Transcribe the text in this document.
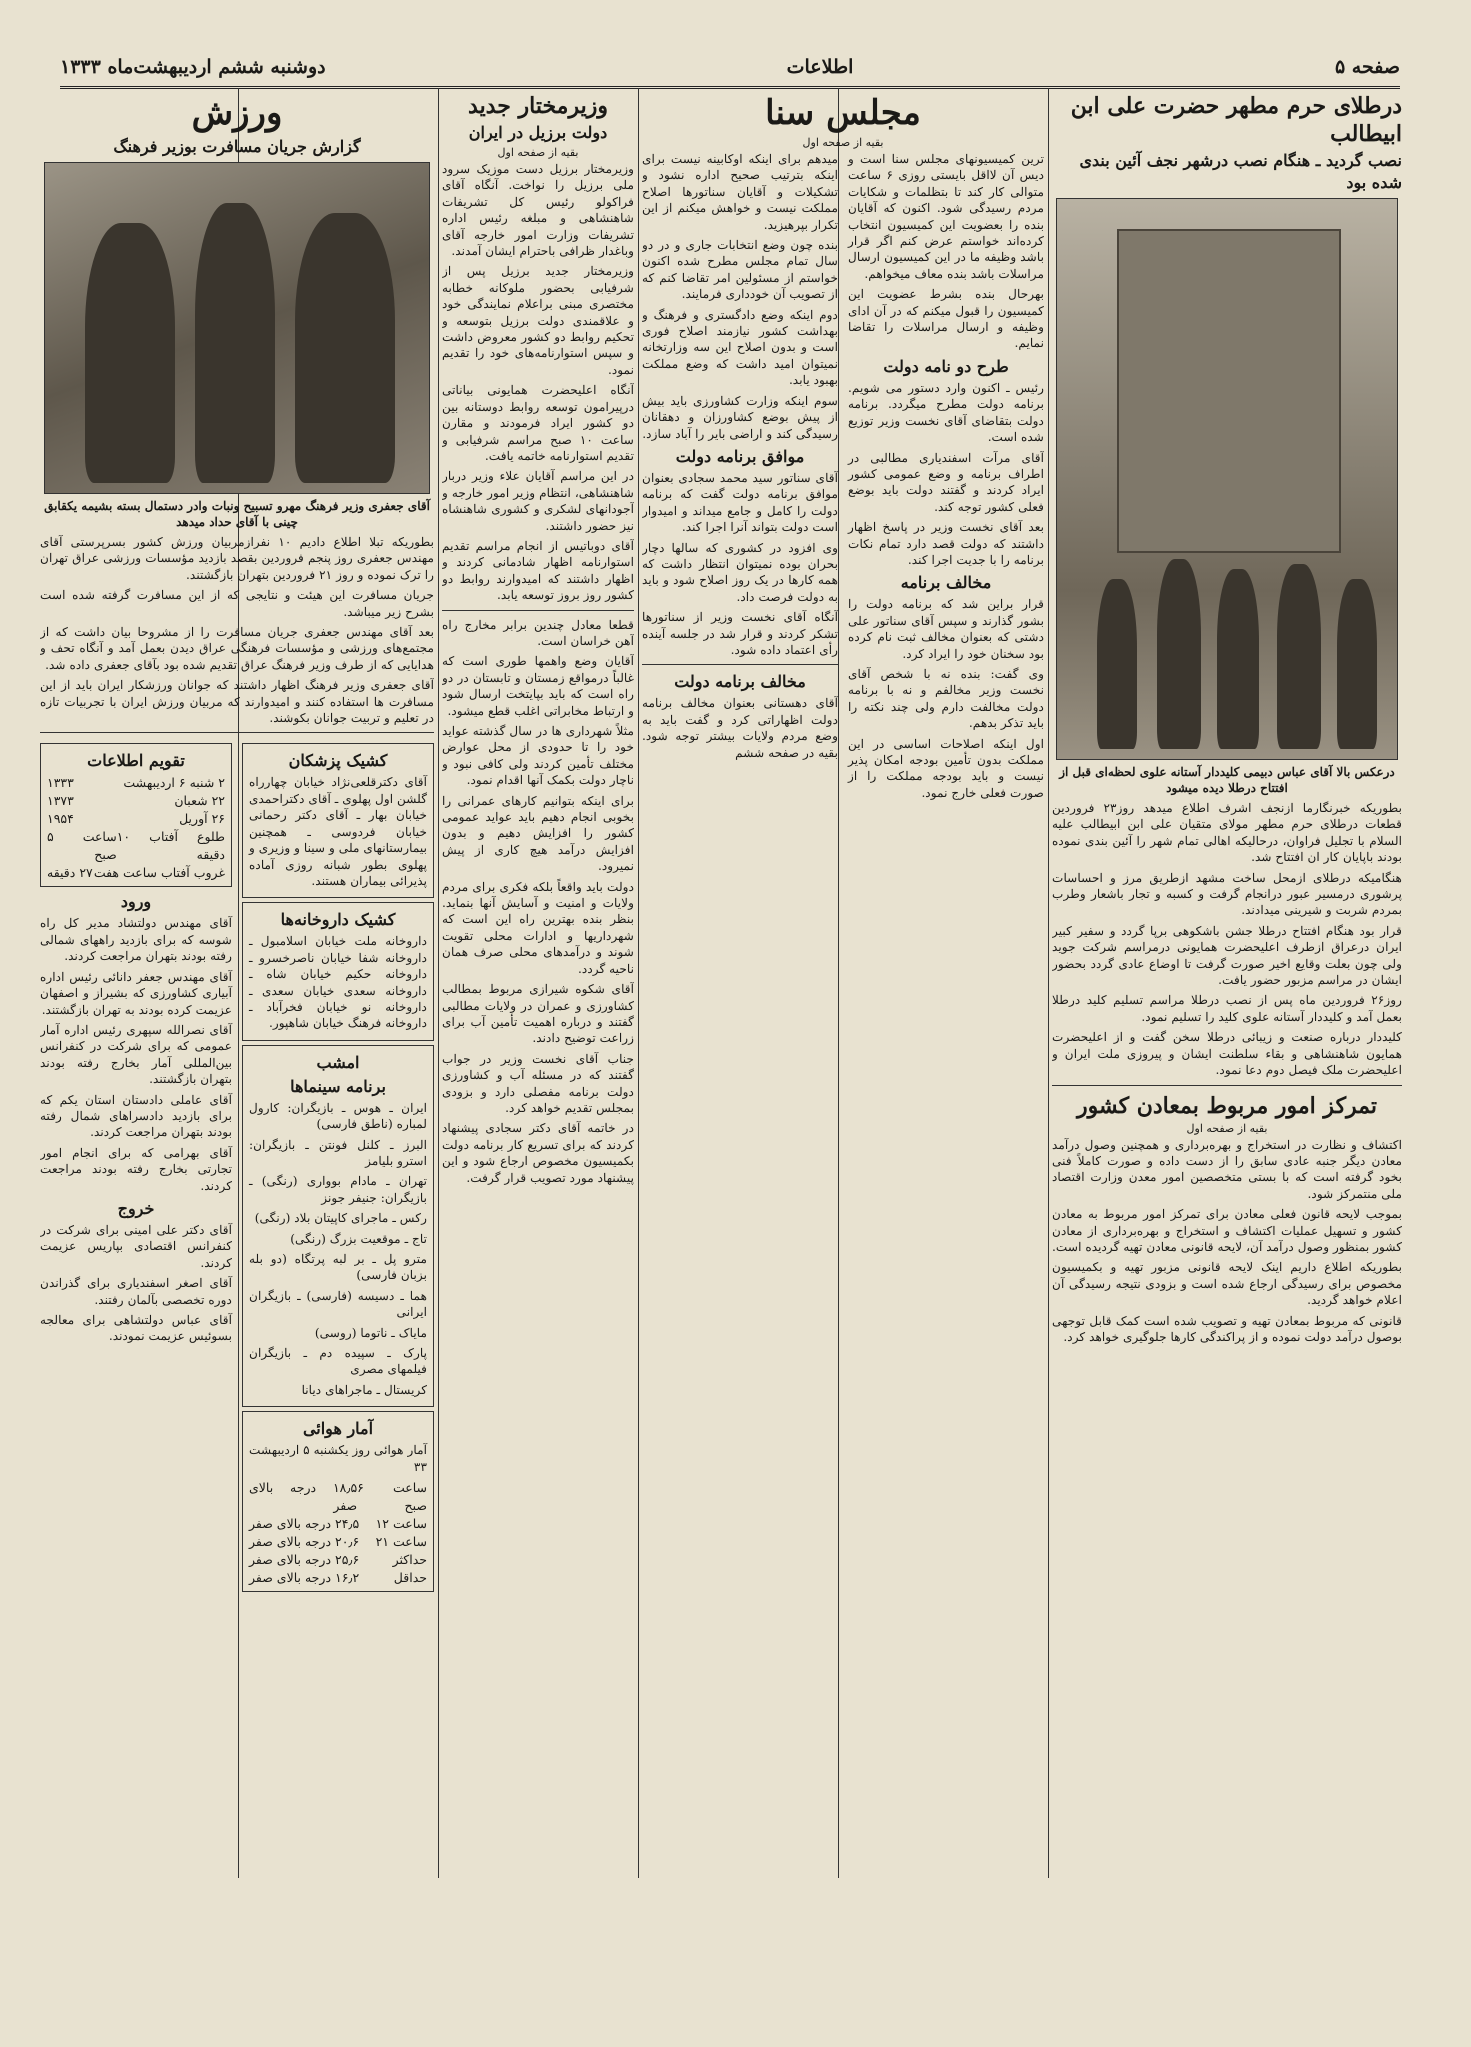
دوشنبه ششم اردیبهشت‌ماه ۱۳۳۳	اطلاعات	صفحه ۵
درطلای حرم مطهر حضرت علی ابن ابیطالب
نصب گردید ـ هنگام نصب درشهر نجف آئین بندی شده بود
درعکس بالا آقای عباس دبیمی کلیددار آستانه علوی لحظه‌ای قبل از افتتاح درطلا دیده میشود

بطوریکه خبرنگارما ازنجف اشرف اطلاع میدهد روز۲۳ فروردین قطعات درطلای حرم مطهر مولای متقیان علی ابن ابیطالب علیه السلام با تجلیل فراوان، درحالیکه اهالی تمام شهر را آئین بندی نموده بودند باپایان کار ان افتتاح شد.

هنگامیکه درطلای ازمحل ساخت مشهد ازطریق مرز و احساسات پرشوری درمسیر عبور درانجام گرفت و کسبه و تجار باشعار وطرب بمردم شربت و شیرینی میدادند.

قرار بود هنگام افتتاح درطلا جشن باشکوهی برپا گردد و سفیر کبیر ایران درعراق ازطرف اعلیحضرت همایونی درمراسم شرکت جوید ولی چون بعلت وقایع اخیر صورت گرفت تا اوضاع عادی گردد بحضور ایشان در مراسم مزبور حضور یافت.

روز۲۶ فروردین ماه پس از نصب درطلا مراسم تسلیم کلید درطلا بعمل آمد و کلیددار آستانه علوی کلید را تسلیم نمود.

کلیددار درباره صنعت و زیبائی درطلا سخن گفت و از اعلیحضرت همایون شاهنشاهی و بقاء سلطنت ایشان و پیروزی ملت ایران و اعلیحضرت ملک فیصل دوم دعا نمود.

تمرکز امور مربوط بمعادن کشور
بقیه از صفحه اول

اکتشاف و نظارت در استخراج و بهره‌برداری و همچنین وصول درآمد معادن دیگر جنبه عادی سابق را از دست داده و صورت کاملاً فنی بخود گرفته است که با بستی متخصصین امور معدن وزارت اقتصاد ملی منتمرکز شود.

بموجب لایحه قانون فعلی معادن برای تمرکز امور مربوط به معادن کشور و تسهیل عملیات اکتشاف و استخراج و بهره‌برداری از معادن کشور بمنظور وصول درآمد آن، لایحه قانونی معادن تهیه گردیده است.

بطوریکه اطلاع داریم اینک لایحه قانونی مزبور تهیه و بکمیسیون مخصوص برای رسیدگی ارجاع شده است و بزودی نتیجه رسیدگی آن اعلام خواهد گردید.

قانونی که مربوط بمعادن تهیه و تصویب شده است کمک قابل توجهی بوصول درآمد دولت نموده و از پراکندگی کارها جلوگیری خواهد کرد.

مجلس سنا
بقیه از صفحه اول

ترین کمیسیونهای مجلس سنا است و دیس آن لااقل بایستی روزی ۶ ساعت متوالی کار کند تا بتظلمات و شکایات مردم رسیدگی شود. اکنون که آقایان بنده را بعضویت این کمیسیون انتخاب کرده‌اند خواستم عرض کنم اگر قرار باشد وظیفه ما در این کمیسیون ارسال مراسلات باشد بنده معاف میخواهم.

بهرحال بنده بشرط عضویت این کمیسیون را قبول میکنم که در آن ادای وظیفه و ارسال مراسلات را تقاضا نمایم.

طرح دو نامه دولت

رئیس ـ اکنون وارد دستور می شویم. برنامه دولت مطرح میگردد. برنامه دولت بتقاضای آقای نخست وزیر توزیع شده است.

آقای مرآت اسفندیاری مطالبی در اطراف برنامه و وضع عمومی کشور ایراد کردند و گفتند دولت باید بوضع فعلی کشور توجه کند.

بعد آقای نخست وزیر در پاسخ اظهار داشتند که دولت قصد دارد تمام نکات برنامه را با جدیت اجرا کند.

مخالف برنامه

قرار براین شد که برنامه دولت را بشور گذارند و سپس آقای سناتور علی دشتی که بعنوان مخالف ثبت نام کرده بود سخنان خود را ایراد کرد.

وی گفت: بنده نه با شخص آقای نخست وزیر مخالفم و نه با برنامه دولت مخالفت دارم ولی چند نکته را باید تذکر بدهم.

اول اینکه اصلاحات اساسی در این مملکت بدون تأمین بودجه امکان پذیر نیست و باید بودجه مملکت را از صورت فعلی خارج نمود.

میدهم برای اینکه اوکابینه نیست برای اینکه بترتیب صحیح اداره نشود و تشکیلات و آقایان سناتورها اصلاح مملکت نیست و خواهش میکنم از این تکرار بپرهیزید.

بنده چون وضع انتخابات جاری و در دو سال تمام مجلس مطرح شده اکنون خواستم از مسئولین امر تقاضا کنم که از تصویب آن خودداری فرمایند.

دوم اینکه وضع دادگستری و فرهنگ و بهداشت کشور نیازمند اصلاح فوری است و بدون اصلاح این سه وزارتخانه نمیتوان امید داشت که وضع مملکت بهبود یابد.

سوم اینکه وزارت کشاورزی باید بیش از پیش بوضع کشاورزان و دهقانان رسیدگی کند و اراضی بایر را آباد سازد.

موافق برنامه دولت

آقای سناتور سید محمد سجادی بعنوان موافق برنامه دولت گفت که برنامه دولت را کامل و جامع میداند و امیدوار است دولت بتواند آنرا اجرا کند.

وی افزود در کشوری که سالها دچار بحران بوده نمیتوان انتظار داشت که همه کارها در یک روز اصلاح شود و باید به دولت فرصت داد.

آنگاه آقای نخست وزیر از سناتورها تشکر کردند و قرار شد در جلسه آینده رأی اعتماد داده شود.

مخالف برنامه دولت

آقای دهستانی بعنوان مخالف برنامه دولت اظهاراتی کرد و گفت باید به وضع مردم ولایات بیشتر توجه شود. بقیه در صفحه ششم

وزیرمختار جدید
دولت برزیل در ایران
بقیه از صفحه اول

وزیرمختار برزیل دست موزیک سرود ملی برزیل را نواخت. آنگاه آقای فراکولو رئیس کل تشریفات شاهنشاهی و مبلغه رئیس اداره تشریفات وزارت امور خارجه آقای وباغدار ظرافی باحترام ایشان آمدند.

وزیرمختار جدید برزیل پس از شرفیابی بحضور ملوکانه خطابه مختصری مبنی براعلام نمایندگی خود و علاقمندی دولت برزیل بتوسعه و تحکیم روابط دو کشور معروض داشت و سپس استوارنامه‌های خود را تقدیم نمود.

آنگاه اعلیحضرت همایونی بیاناتی درپیرامون توسعه روابط دوستانه بین دو کشور ایراد فرمودند و مقارن ساعت ۱۰ صبح مراسم شرفیابی و تقدیم استوارنامه خاتمه یافت.

در این مراسم آقایان علاء وزیر دربار شاهنشاهی، انتظام وزیر امور خارجه و آجودانهای لشکری و کشوری شاهنشاه نیز حضور داشتند.

آقای دوباتیس از انجام مراسم تقدیم استوارنامه اظهار شادمانی کردند و اظهار داشتند که امیدوارند روابط دو کشور روز بروز توسعه یابد.

قطعا معادل چندین برابر مخارج راه آهن خراسان است.

آقایان وضع واهمها طوری است که غالباً درمواقع زمستان و تابستان در دو راه است که باید بپایتخت ارسال شود و ارتباط مخابراتی اغلب قطع میشود.

مثلاً شهرداری ها در سال گذشته عواید خود را تا حدودی از محل عوارض مختلف تأمین کردند ولی کافی نبود و ناچار دولت بکمک آنها اقدام نمود.

برای اینکه بتوانیم کارهای عمرانی را بخوبی انجام دهیم باید عواید عمومی کشور را افزایش دهیم و بدون افزایش درآمد هیچ کاری از پیش نمیرود.

دولت باید واقعاً بلکه فکری برای مردم ولایات و امنیت و آسایش آنها بنماید. بنظر بنده بهترین راه این است که شهرداریها و ادارات محلی تقویت شوند و درآمدهای محلی صرف همان ناحیه گردد.

آقای شکوه شیرازی مربوط بمطالب کشاورزی و عمران در ولایات مطالبی گفتند و درباره اهمیت تأمین آب برای زراعت توضیح دادند.

جناب آقای نخست وزیر در جواب گفتند که در مسئله آب و کشاورزی دولت برنامه مفصلی دارد و بزودی بمجلس تقدیم خواهد کرد.

در خاتمه آقای دکتر سجادی پیشنهاد کردند که برای تسریع کار برنامه دولت بکمیسیون مخصوص ارجاع شود و این پیشنهاد مورد تصویب قرار گرفت.

ورزش
گزارش جریان مسافرت بوزیر فرهنگ
آقای جعفری وزیر فرهنگ مهرو تسبیح ونبات وادر دستمال بسته بشیمه یکقابق چینی با آقای حداد میدهد

بطوریکه تبلا اطلاع دادیم ۱۰ نفرازمربیان ورزش کشور بسرپرستی آقای مهندس جعفری روز پنجم فروردین بقصد بازدید مؤسسات ورزشی عراق تهران را ترک نموده و روز ۲۱ فروردین بتهران بازگشتند.

جریان مسافرت این هیئت و نتایجی که از این مسافرت گرفته شده است بشرح زیر میباشد.

بعد آقای مهندس جعفری جریان مسافرت را از مشروحا بیان داشت که از مجتمع‌های ورزشی و مؤسسات فرهنگی عراق دیدن بعمل آمد و آنگاه تحف و هدایایی که از طرف وزیر فرهنگ عراق تقدیم شده بود بآقای جعفری داده شد.

آقای جعفری وزیر فرهنگ اظهار داشتند که جوانان ورزشکار ایران باید از این مسافرت ها استفاده کنند و امیدوارند که مربیان ورزش ایران با تجربیات تازه در تعلیم و تربیت جوانان بکوشند.

کشیک پزشکان

آقای دکترقلعی‌نژاد خیابان چهارراه گلشن اول پهلوی ـ آقای دکتراحمدی خیابان بهار ـ آقای دکتر رحمانی خیابان فردوسی ـ همچنین بیمارستانهای ملی و سینا و وزیری و پهلوی بطور شبانه روزی آماده پذیرائی بیماران هستند.

کشیک داروخانه‌ها

داروخانه ملت خیابان اسلامبول ـ داروخانه شفا خیابان ناصرخسرو ـ داروخانه حکیم خیابان شاه ـ داروخانه سعدی خیابان سعدی ـ داروخانه نو خیابان فخرآباد ـ داروخانه فرهنگ خیابان شاهپور.

امشب
برنامه سینماها

ایران ـ هوس ـ بازیگران: کارول لمباره (ناطق فارسی)

البرز ـ کلنل فونتن ـ بازیگران: استرو بلیامز

تهران ـ مادام بوواری (رنگی) ـ بازیگران: جنیفر جونز

رکس ـ ماجرای کاپیتان بلاد (رنگی)

تاج ـ موقعیت بزرگ (رنگی)

مترو پل ـ بر لبه پرتگاه (دو بله بزبان فارسی)

هما ـ دسیسه (فارسی) ـ بازیگران ایرانی

مایاک ـ ناتوما (روسی)

پارک ـ سپیده دم ـ بازیگران فیلمهای مصری

کریستال ـ ماجراهای دیانا

آمار هوائی

آمار هوائی روز یکشنبه ۵ اردیبهشت ۳۳

ساعت ۶ صبح
۱۸٫۵ درجه بالای صفر
ساعت ۱۲
۲۴٫۵ درجه بالای صفر
ساعت ۲۱
۲۰٫۶ درجه بالای صفر
حداکثر
۲۵٫۶ درجه بالای صفر
حداقل
۱۶٫۲ درجه بالای صفر
تقویم اطلاعات
۲ شنبه ۶ اردیبهشت
۱۳۳۳
۲۲ شعبان
۱۳۷۳
۲۶ آوریل
۱۹۵۴
طلوع آفتاب ۱۰ دقیقه
ساعت ۵ صبح
غروب آفتاب ساعت هفت
۲۷ دقیقه
ورود

آقای مهندس دولتشاد مدیر کل راه شوسه که برای بازدید راههای شمالی رفته بودند بتهران مراجعت کردند.

آقای مهندس جعفر دانائی رئیس اداره آبیاری کشاورزی که بشیراز و اصفهان عزیمت کرده بودند به تهران بازگشتند.

آقای نصرالله سپهری رئیس اداره آمار عمومی که برای شرکت در کنفرانس بین‌المللی آمار بخارج رفته بودند بتهران بازگشتند.

آقای عاملی دادستان استان یکم که برای بازدید دادسراهای شمال رفته بودند بتهران مراجعت کردند.

آقای بهرامی که برای انجام امور تجارتی بخارج رفته بودند مراجعت کردند.

خروج

آقای دکتر علی امینی برای شرکت در کنفرانس اقتصادی بپاریس عزیمت کردند.

آقای اصغر اسفندیاری برای گذراندن دوره تخصصی بآلمان رفتند.

آقای عباس دولتشاهی برای معالجه بسوئیس عزیمت نمودند.
